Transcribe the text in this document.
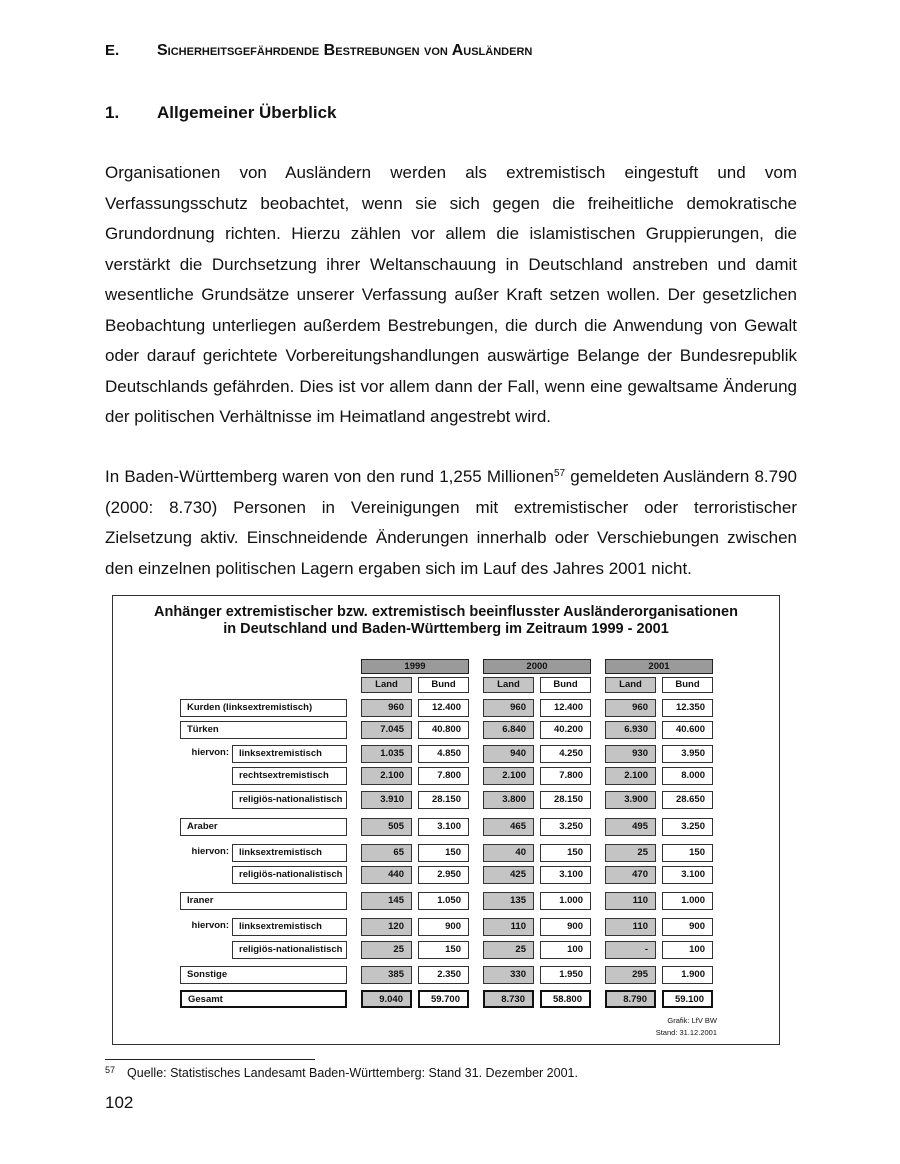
E. Sicherheitsgefährdende Bestrebungen von Ausländern
1. Allgemeiner Überblick

Organisationen von Ausländern werden als extremistisch eingestuft und vom Verfassungsschutz beobachtet, wenn sie sich gegen die freiheitliche demokratische Grundordnung richten. Hierzu zählen vor allem die islamistischen Gruppierungen, die verstärkt die Durchsetzung ihrer Weltanschauung in Deutschland anstreben und damit wesentliche Grundsätze unserer Verfassung außer Kraft setzen wollen. Der gesetzlichen Beobachtung unterliegen außerdem Bestrebungen, die durch die Anwendung von Gewalt oder darauf gerichtete Vorbereitungshandlungen auswärtige Belange der Bundesrepublik Deutschlands gefährden. Dies ist vor allem dann der Fall, wenn eine gewaltsame Änderung der politischen Verhältnisse im Heimatland angestrebt wird.

In Baden-Württemberg waren von den rund 1,255 Millionen$^{57}$ gemeldeten Ausländern 8.790 (2000: 8.730) Personen in Vereinigungen mit extremistischer oder terroristischer Zielsetzung aktiv. Einschneidende Änderungen innerhalb oder Verschiebungen zwischen den einzelnen politischen Lagern ergaben sich im Lauf des Jahres 2001 nicht.

Anhänger extremistischer bzw. extremistisch beeinflusster Ausländerorganisationen
in Deutschland und Baden-Württemberg im Zeitraum 1999 - 2001
Grafik: LfV BW
Stand: 31.12.2001
1999
Land	Bund
2000
Land	Bund
2001
Land	Bund
Kurden (linksextremistisch)	960	12.400	960	12.400	960	12.350
Türken	7.045	40.800	6.840	40.200	6.930	40.600
hiervon:	linksextremistisch	1.035	4.850	940	4.250	930	3.950
rechtsextremistisch	2.100	7.800	2.100	7.800	2.100	8.000
religiös-nationalistisch	3.910	28.150	3.800	28.150	3.900	28.650
Araber	505	3.100	465	3.250	495	3.250
hiervon:	linksextremistisch	65	150	40	150	25	150
religiös-nationalistisch	440	2.950	425	3.100	470	3.100
Iraner	145	1.050	135	1.000	110	1.000
hiervon:	linksextremistisch	120	900	110	900	110	900
religiös-nationalistisch	25	150	25	100	-	100
Sonstige	385	2.350	330	1.950	295	1.900
Gesamt	9.040	59.700	8.730	58.800	8.790	59.100
$^{57}$ Quelle: Statistisches Landesamt Baden-Württemberg: Stand 31. Dezember 2001.
102
